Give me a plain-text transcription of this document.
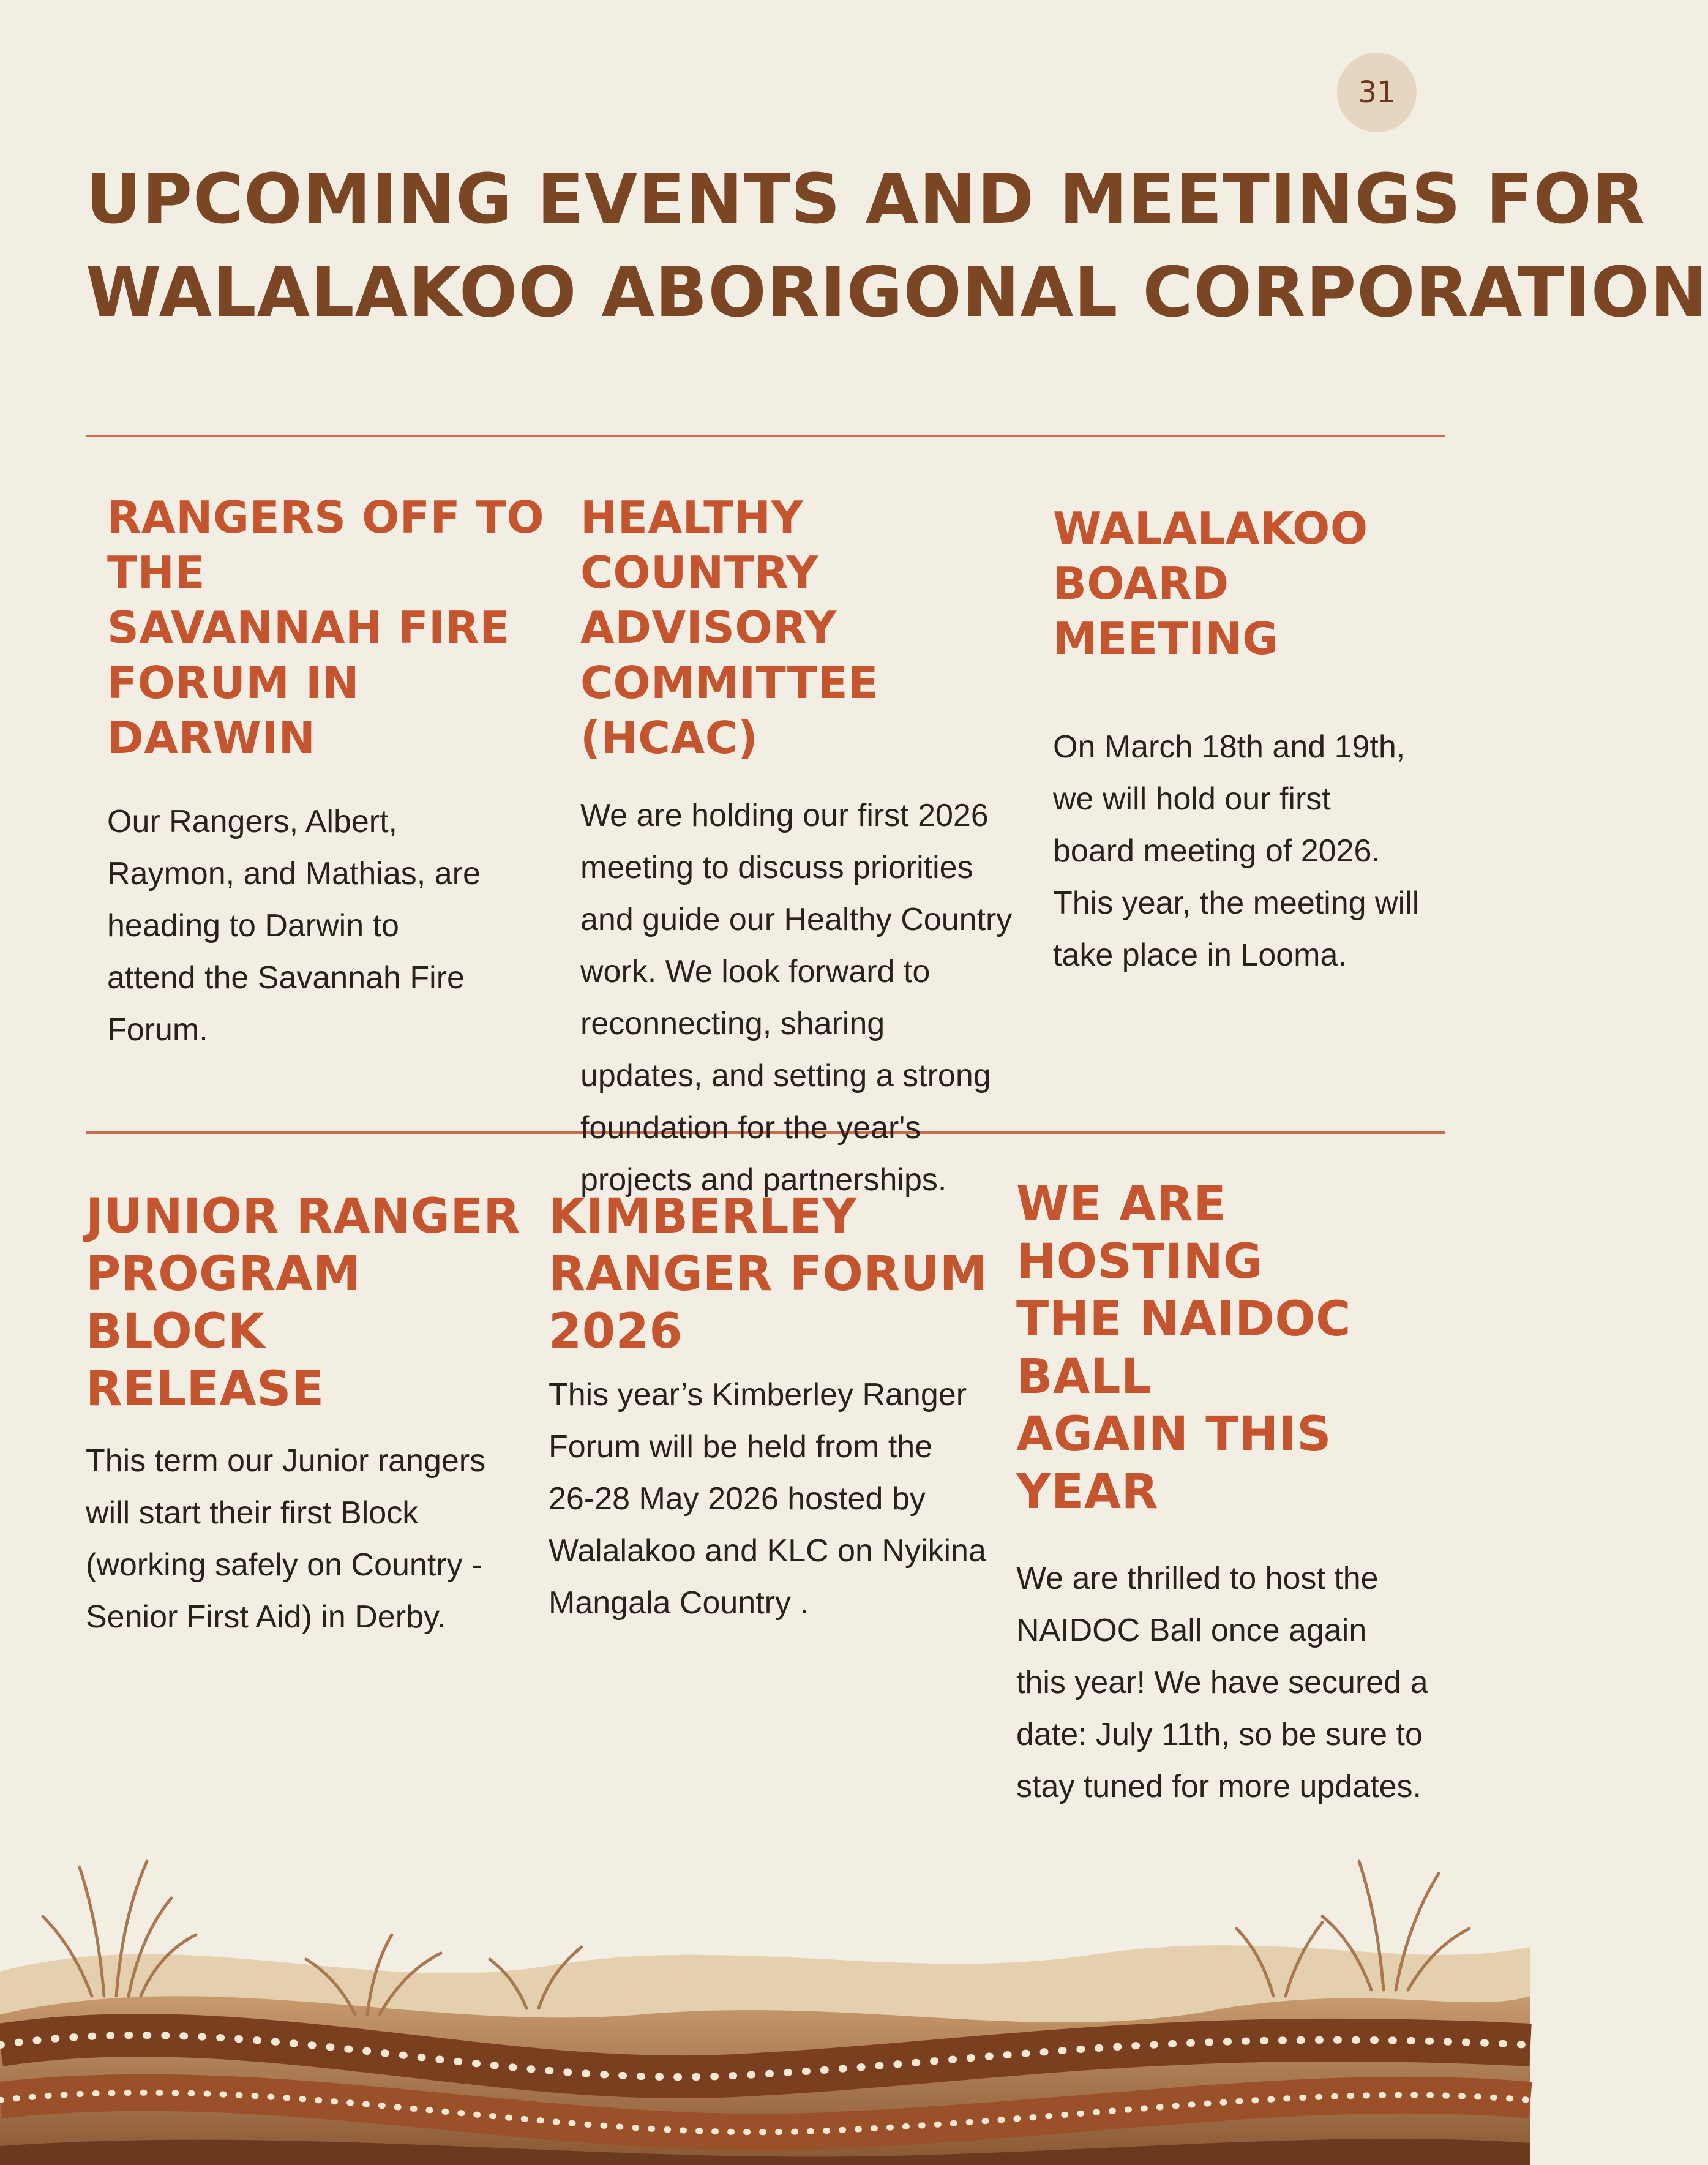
31
UPCOMING EVENTS AND MEETINGS FOR
WALALAKOO ABORIGONAL CORPORATION
RANGERS OFF TO THE
SAVANNAH FIRE
FORUM IN DARWIN
Our Rangers, Albert,
Raymon, and Mathias, are
heading to Darwin to
attend the Savannah Fire
Forum.
HEALTHY COUNTRY
ADVISORY
COMMITTEE (HCAC)
We are holding our first 2026
meeting to discuss priorities
and guide our Healthy Country
work. We look forward to
reconnecting, sharing
updates, and setting a strong
foundation for the year's
projects and partnerships.
WALALAKOO BOARD
MEETING
On March 18th and 19th,
we will hold our first
board meeting of 2026.
This year, the meeting will
take place in Looma.
JUNIOR RANGER
PROGRAM BLOCK
RELEASE
This term our Junior rangers
will start their first Block
(working safely on Country -
Senior First Aid) in Derby.
KIMBERLEY
RANGER FORUM
2026
This year’s Kimberley Ranger
Forum will be held from the
26-28 May 2026 hosted by
Walalakoo and KLC on Nyikina
Mangala Country .
WE ARE HOSTING
THE NAIDOC BALL
AGAIN THIS YEAR
We are thrilled to host the
NAIDOC Ball once again
this year! We have secured a
date: July 11th, so be sure to
stay tuned for more updates.
